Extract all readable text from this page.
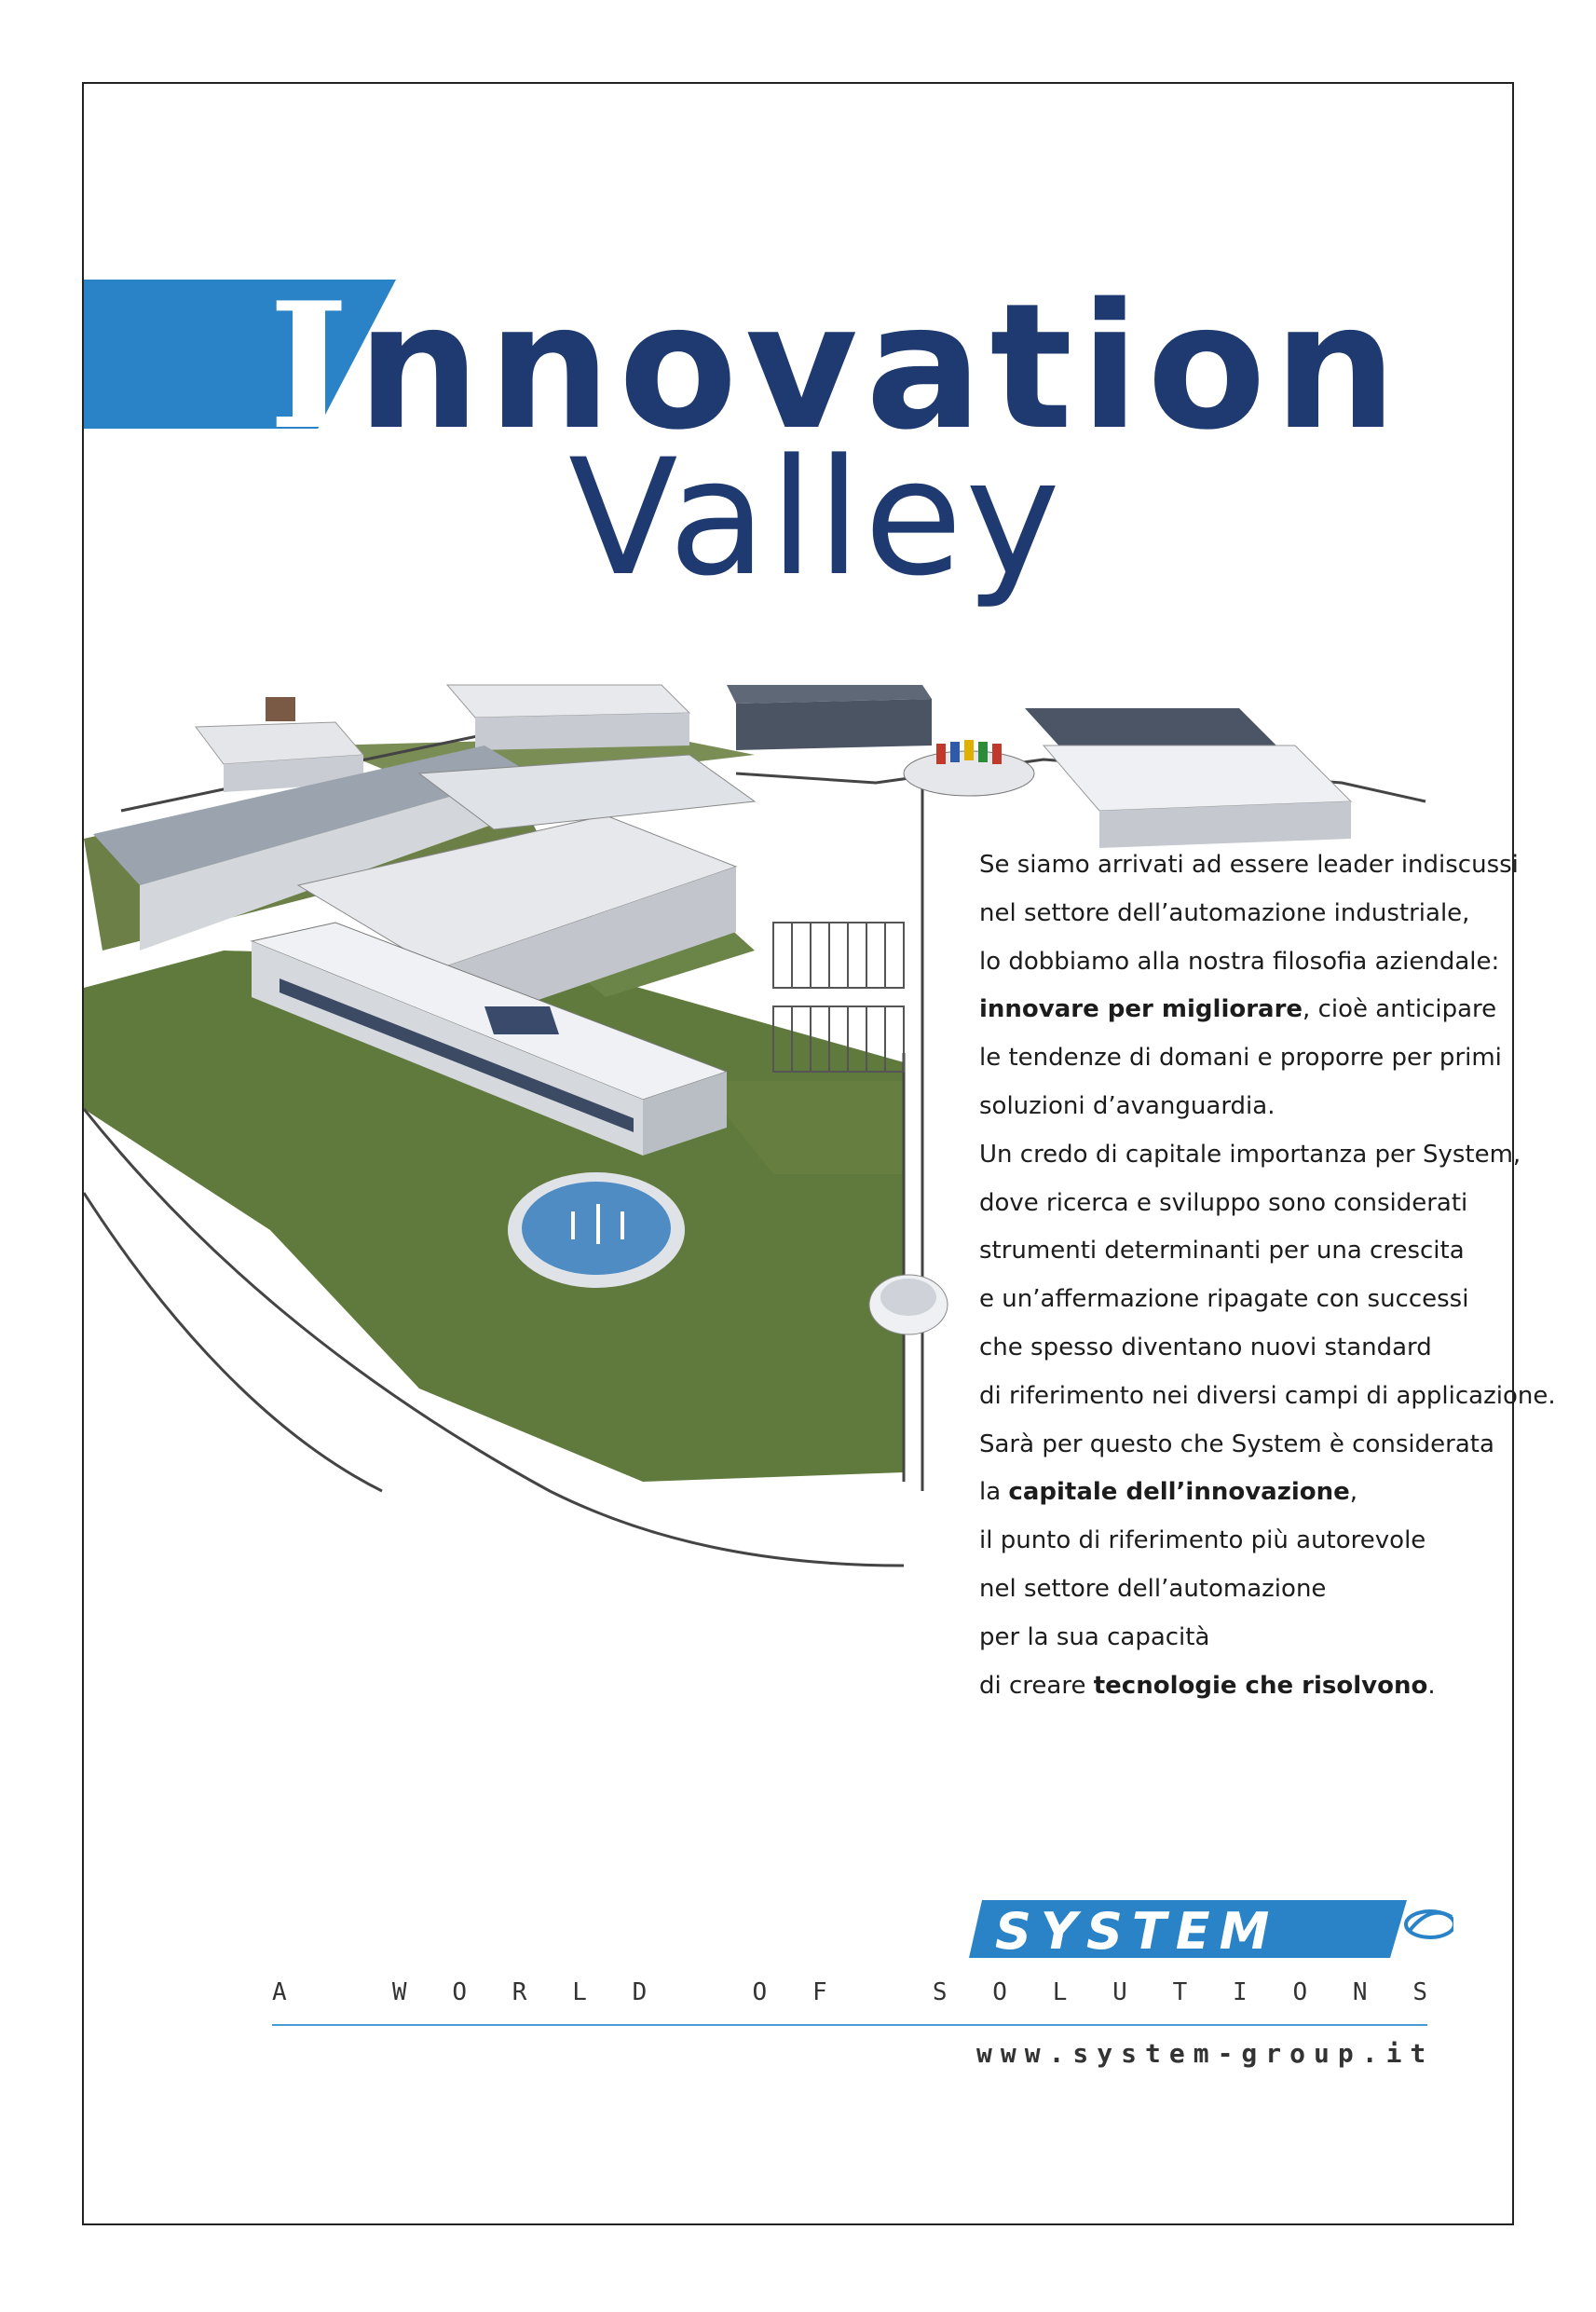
Innovation
Valley
Se siamo arrivati ad essere leader indiscussi
nel settore dell’automazione industriale,
lo dobbiamo alla nostra filosofia aziendale:
innovare per migliorare, cioè anticipare
le tendenze di domani e proporre per primi
soluzioni d’avanguardia.
Un credo di capitale importanza per System,
dove ricerca e sviluppo sono considerati
strumenti determinanti per una crescita
e un’affermazione ripagate con successi
che spesso diventano nuovi standard
di riferimento nei diversi campi di applicazione.
Sarà per questo che System è considerata
la capitale dell’innovazione,
il punto di riferimento più autorevole
nel settore dell’automazione
per la sua capacità
di creare tecnologie che risolvono.
SYSTEM
A
	W O R L D
	O F
	S O L U T I O N S
www.system-group.it
